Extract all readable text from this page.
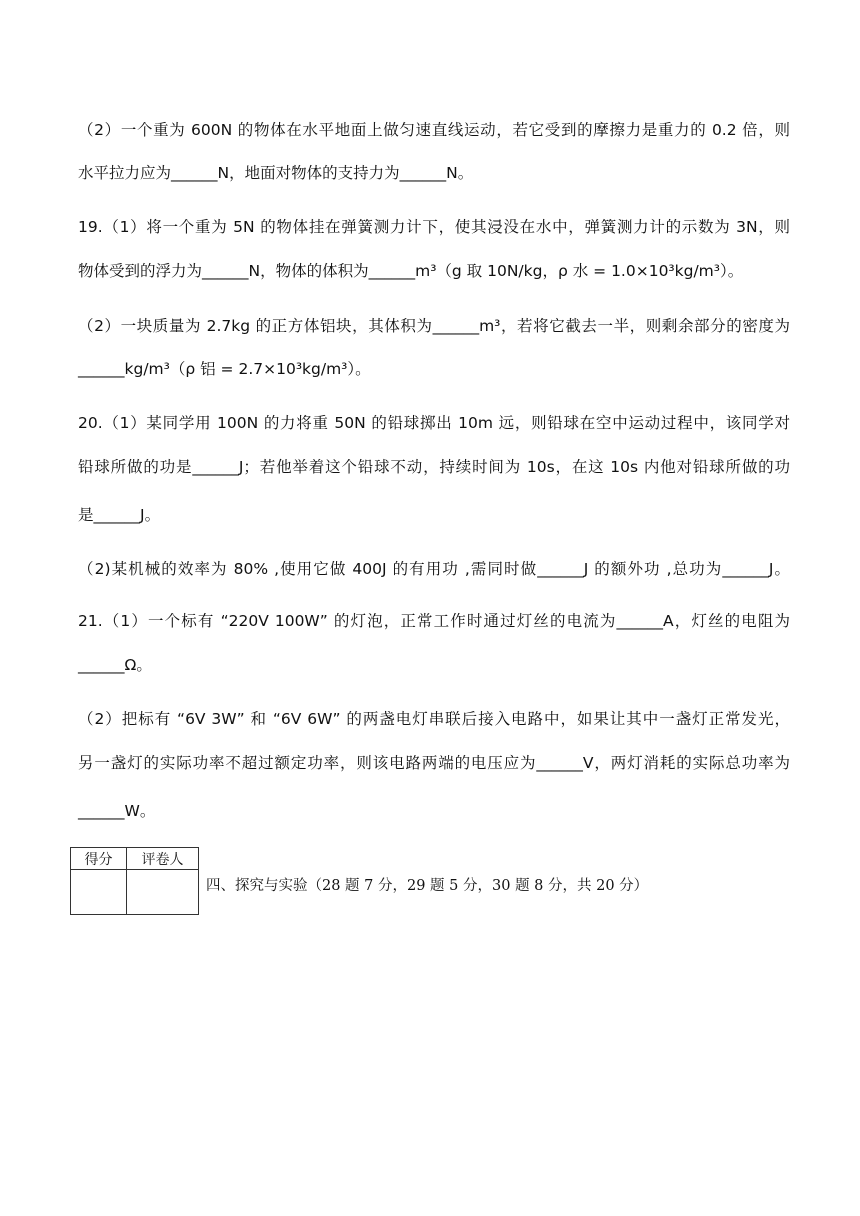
（2）一个重为 600N 的物体在水平地面上做匀速直线运动，若它受到的摩擦力是重力的 0.2 倍，则
水平拉力应为______N，地面对物体的支持力为______N。
19.（1）将一个重为 5N 的物体挂在弹簧测力计下，使其浸没在水中，弹簧测力计的示数为 3N，则
物体受到的浮力为______N，物体的体积为______m³（g 取 10N/kg，ρ 水 = 1.0×10³kg/m³）。
（2）一块质量为 2.7kg 的正方体铝块，其体积为______m³，若将它截去一半，则剩余部分的密度为
______kg/m³（ρ 铝 = 2.7×10³kg/m³）。
20.（1）某同学用 100N 的力将重 50N 的铅球掷出 10m 远，则铅球在空中运动过程中，该同学对
铅球所做的功是______J；若他举着这个铅球不动，持续时间为 10s，在这 10s 内他对铅球所做的功
是______J。
（2)某机械的效率为 80% ,使用它做 400J 的有用功 ,需同时做______J 的额外功 ,总功为______J。
21.（1）一个标有 “220V 100W” 的灯泡，正常工作时通过灯丝的电流为______A，灯丝的电阻为
______Ω。
（2）把标有 “6V 3W” 和 “6V 6W” 的两盏电灯串联后接入电路中，如果让其中一盏灯正常发光，
另一盏灯的实际功率不超过额定功率，则该电路两端的电压应为______V，两灯消耗的实际总功率为
______W。
得分	评卷人

四、探究与实验（28 题 7 分，29 题 5 分，30 题 8 分，共 20 分）
